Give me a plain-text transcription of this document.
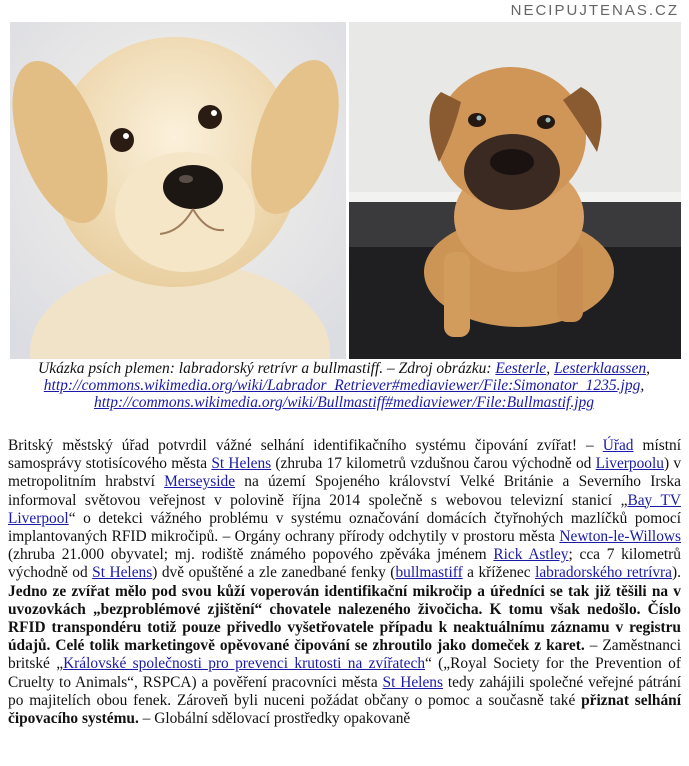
NECIPUJTENAS.CZ
Ukázka psích plemen: labradorský retrívr a bullmastiff. – Zdroj obrázku: Eesterle, Lesterklaassen,
http://commons.wikimedia.org/wiki/Labrador_Retriever#mediaviewer/File:Simonator_1235.jpg,
http://commons.wikimedia.org/wiki/Bullmastiff#mediaviewer/File:Bullmastif.jpg
Britský městský úřad potvrdil vážné selhání identifikačního systému čipování zvířat! – Úřad místní samosprávy stotisícového města St Helens (zhruba 17 kilometrů vzdušnou čarou východně od Liverpoolu) v metropolitním hrabství Merseyside na území Spojeného království Velké Británie a Severního Irska informoval světovou veřejnost v polovině října 2014 společně s webovou televizní stanicí „Bay TV Liverpool“ o detekci vážného problému v systému označování domácích čtyřnohých mazlíčků pomocí implantovaných RFID mikročipů. – Orgány ochrany přírody odchytily v prostoru města Newton-le-Willows (zhruba 21.000 obyvatel; mj. rodiště známého popového zpěváka jménem Rick Astley; cca 7 kilometrů východně od St Helens) dvě opuštěné a zle zanedbané fenky (bullmastiff a kříženec labradorského retrívra). Jedno ze zvířat mělo pod svou kůží voperován identifikační mikročip a úředníci se tak již těšili na v uvozovkách „bezproblémové zjištění“ chovatele nalezeného živočicha. K tomu však nedošlo. Číslo RFID transpondéru totiž pouze přivedlo vyšetřovatele případu k neaktuálnímu záznamu v registru údajů. Celé tolik marketingově opěvované čipování se zhroutilo jako domeček z karet. – Zaměstnanci britské „Královské společnosti pro prevenci krutosti na zvířatech“ („Royal Society for the Prevention of Cruelty to Animals“, RSPCA) a pověření pracovníci města St Helens tedy zahájili společné veřejné pátrání po majitelích obou fenek. Zároveň byli nuceni požádat občany o pomoc a současně také přiznat selhání čipovacího systému. – Globální sdělovací prostředky opakovaně
